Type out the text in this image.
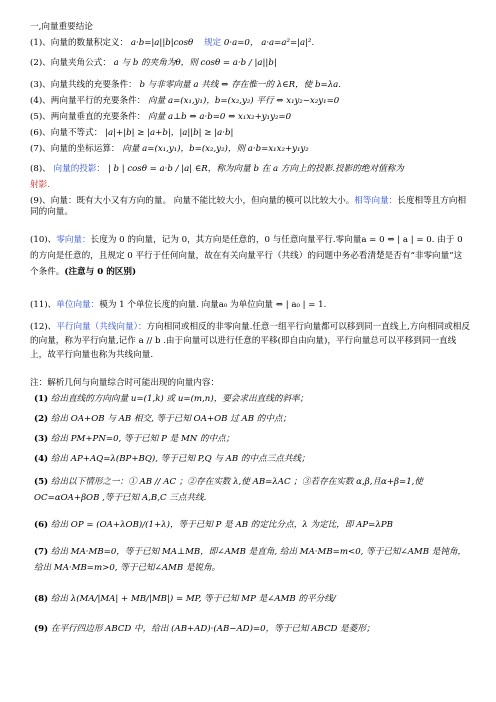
一,向量重要结论
(1)、向量的数量积定义： a·b=|a||b|cosθ 规定 0·a=0， a·a=a²=|a|².
(2)、向量夹角公式： a 与 b 的夹角为θ，则 cosθ = a·b / |a||b|
(3)、向量共线的充要条件： b 与非零向量 a 共线 ⇔ 存在惟一的 λ∈R，使 b=λa.
(4)、两向量平行的充要条件： 向量 a=(x₁,y₁)，b=(x₂,y₂) 平行 ⇔ x₁y₂−x₂y₁=0
(5)、两向量垂直的充要条件： 向量 a⊥b ⇔ a·b=0 ⇔ x₁x₂+y₁y₂=0
(6)、向量不等式： |a|+|b| ≥ |a+b|，|a||b| ≥ |a·b|
(7)、向量的坐标运算： 向量 a=(x₁,y₁)，b=(x₂,y₂)，则 a·b=x₁x₂+y₁y₂
(8)、 向量的投影： | b | cosθ = a·b / |a| ∈R，称为向量 b 在 a 方向上的投影.投影的绝对值称为
射影.
(9)、向量：既有大小又有方向的量。 向量不能比较大小，但向量的模可以比较大小。相等向量：长度相等且方向相同的向量。
(10)、零向量：长度为 0 的向量，记为 0，其方向是任意的，0 与任意向量平行.零向量a = 0 ⇔ | a | = 0. 由于 0 的方向是任意的，且规定 0 平行于任何向量，故在有关向量平行（共线）的问题中务必看清楚是否有“非零向量”这个条件。(注意与 0 的区别)
(11)、单位向量：模为 1 个单位长度的向量. 向量a₀ 为单位向量 ⇔ | a₀ | = 1.
(12)、平行向量（共线向量）：方向相同或相反的非零向量.任意一组平行向量都可以移到同一直线上,方向相同或相反的向量，称为平行向量,记作 a // b .由于向量可以进行任意的平移(即自由向量)，平行向量总可以平移到同一直线上，故平行向量也称为共线向量.
注：解析几何与向量综合时可能出现的向量内容：
(1) 给出直线的方向向量 u=(1,k) 或 u=(m,n)，要会求出直线的斜率；
(2) 给出 OA+OB 与 AB 相交, 等于已知 OA+OB 过 AB 的中点；
(3) 给出 PM+PN=0, 等于已知 P 是 MN 的中点；
(4) 给出 AP+AQ=λ(BP+BQ), 等于已知 P,Q 与 AB 的中点三点共线；
(5) 给出以下情形之一：① AB // AC ；②存在实数 λ,使 AB=λAC ；③若存在实数 α,β,且α+β=1,使 OC=αOA+βOB ,等于已知 A,B,C 三点共线.
(6) 给出 OP = (OA+λOB)/(1+λ)，等于已知 P 是 AB 的定比分点，λ 为定比，即 AP=λPB
(7) 给出 MA·MB=0，等于已知 MA⊥MB，即∠AMB 是直角, 给出 MA·MB=m<0, 等于已知∠AMB 是钝角，给出 MA·MB=m>0, 等于已知∠AMB 是锐角。
(8) 给出 λ(MA/|MA| + MB/|MB|) = MP, 等于已知 MP 是∠AMB 的平分线/
(9) 在平行四边形 ABCD 中，给出 (AB+AD)·(AB−AD)=0，等于已知 ABCD 是菱形；
